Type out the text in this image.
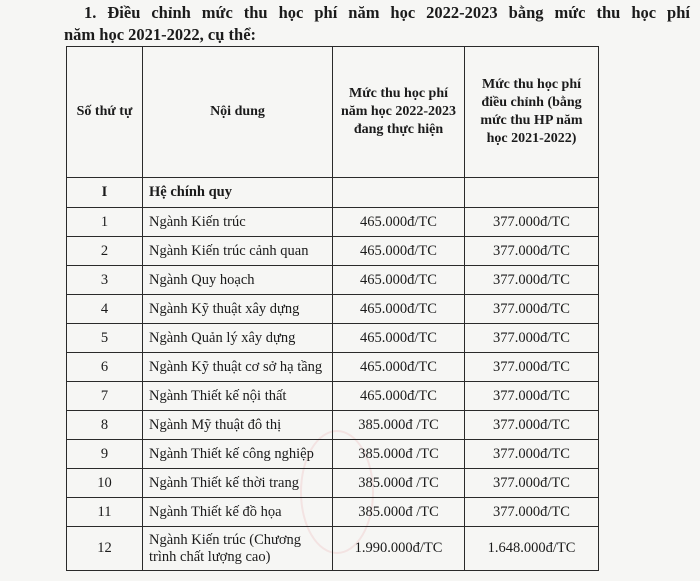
1. Điều chỉnh mức thu học phí năm học 2022-2023 bằng mức thu học phí
năm học 2021-2022, cụ thể:
Số thứ tự	Nội dung	Mức thu học phí năm học 2022-2023 đang thực hiện	Mức thu học phí điều chỉnh (bằng mức thu HP năm học 2021-2022)
I	Hệ chính quy		
1	Ngành Kiến trúc	465.000đ/TC	377.000đ/TC
2	Ngành Kiến trúc cảnh quan	465.000đ/TC	377.000đ/TC
3	Ngành Quy hoạch	465.000đ/TC	377.000đ/TC
4	Ngành Kỹ thuật xây dựng	465.000đ/TC	377.000đ/TC
5	Ngành Quản lý xây dựng	465.000đ/TC	377.000đ/TC
6	Ngành Kỹ thuật cơ sở hạ tầng	465.000đ/TC	377.000đ/TC
7	Ngành Thiết kế nội thất	465.000đ/TC	377.000đ/TC
8	Ngành Mỹ thuật đô thị	385.000đ /TC	377.000đ/TC
9	Ngành Thiết kế công nghiệp	385.000đ /TC	377.000đ/TC
10	Ngành Thiết kế thời trang	385.000đ /TC	377.000đ/TC
11	Ngành Thiết kế đồ họa	385.000đ /TC	377.000đ/TC
12	Ngành Kiến trúc (Chương trình chất lượng cao)	1.990.000đ/TC	1.648.000đ/TC
